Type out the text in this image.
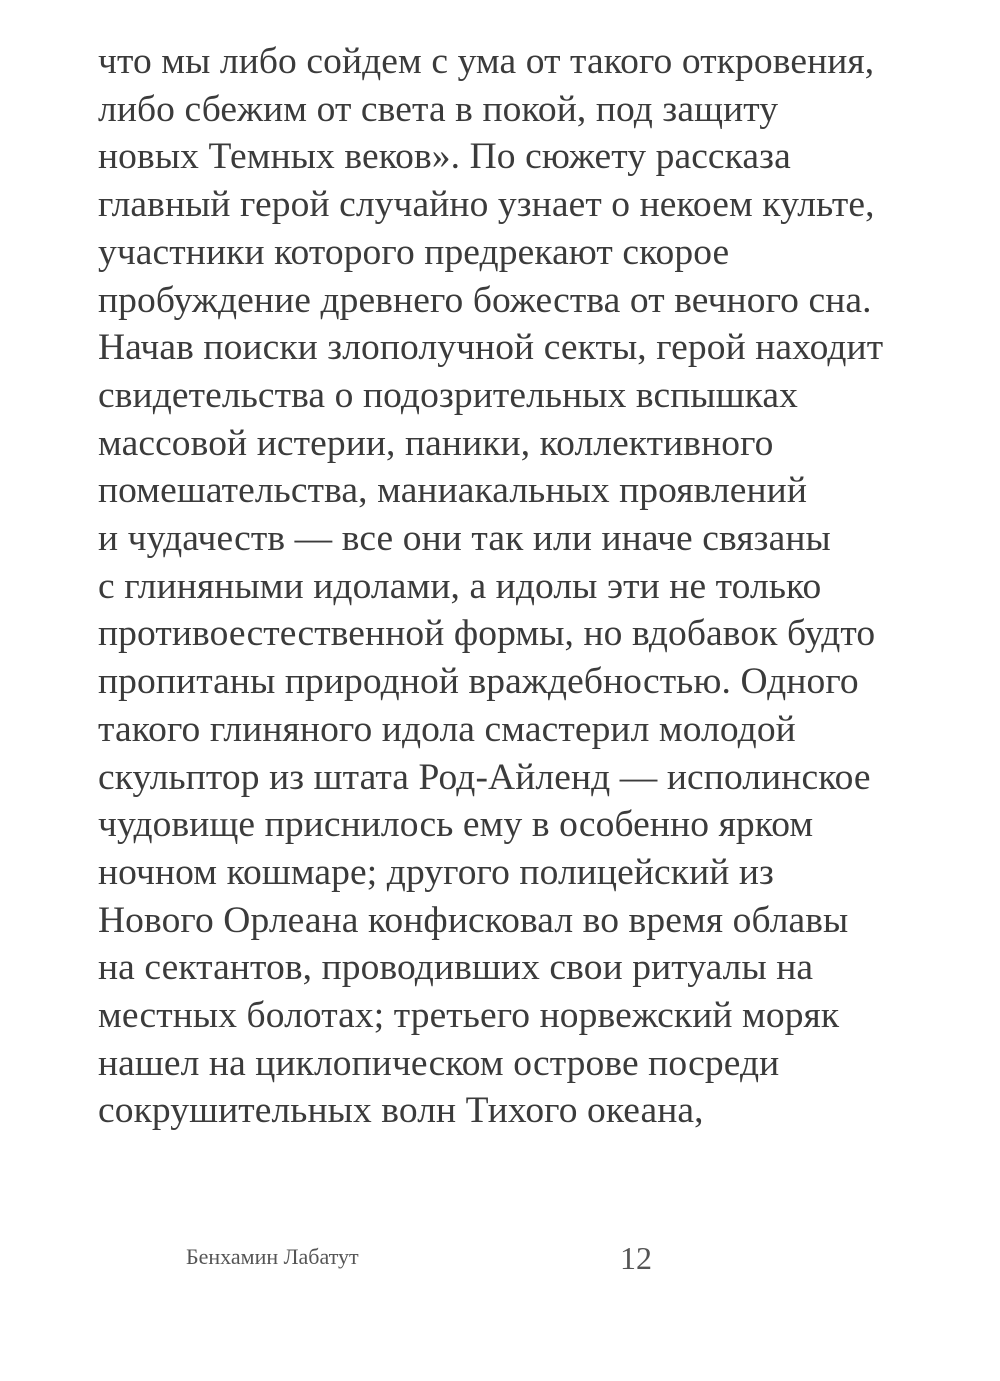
что мы либо сойдем с ума от такого откровения,
либо сбежим от света в покой, под защиту
новых Темных веков». По сюжету рассказа
главный герой случайно узнает о некоем культе,
участники которого предрекают скорое
пробуждение древнего божества от вечного сна.
Начав поиски злополучной секты, герой находит
свидетельства о подозрительных вспышках
массовой истерии, паники, коллективного
помешательства, маниакальных проявлений
и чудачеств — все они так или иначе связаны
с глиняными идолами, а идолы эти не только
противоестественной формы, но вдобавок будто
пропитаны природной враждебностью. Одного
такого глиняного идола смастерил молодой
скульптор из штата Род-Айленд — исполинское
чудовище приснилось ему в особенно ярком
ночном кошмаре; другого полицейский из
Нового Орлеана конфисковал во время облавы
на сектантов, проводивших свои ритуалы на
местных болотах; третьего норвежский моряк
нашел на циклопическом острове посреди
сокрушительных волн Тихого океана,
Бенхамин Лабатут	12
